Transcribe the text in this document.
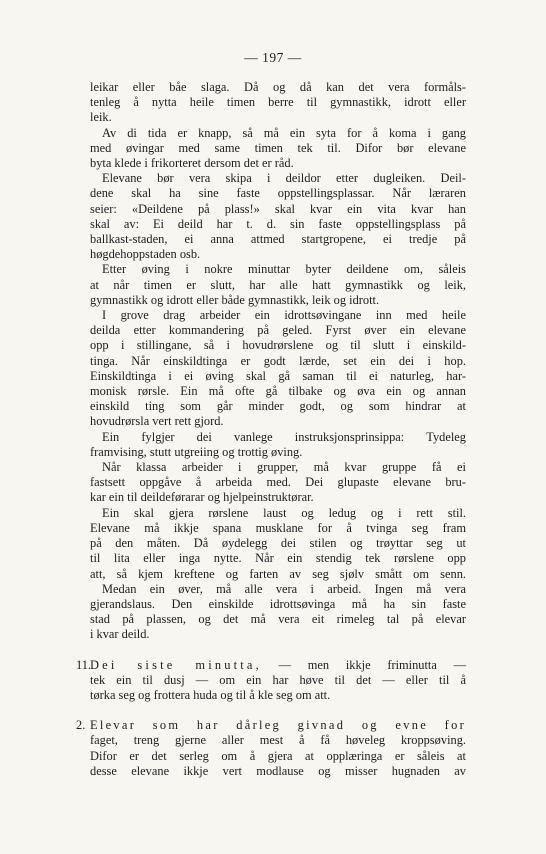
— 197 —
leikar eller båe slaga. Då og då kan det vera formåls-
tenleg å nytta heile timen berre til gymnastikk, idrott eller
leik.
Av di tida er knapp, så må ein syta for å koma i gang
med øvingar med same timen tek til. Difor bør elevane
byta klede i frikorteret dersom det er råd.
Elevane bør vera skipa i deildor etter dugleiken. Deil-
dene skal ha sine faste oppstellingsplassar. Når læraren
seier: «Deildene på plass!» skal kvar ein vita kvar han
skal av: Ei deild har t. d. sin faste oppstellingsplass på
ballkast-staden, ei anna attmed startgropene, ei tredje på
høgdehoppstaden osb.
Etter øving i nokre minuttar byter deildene om, såleis
at når timen er slutt, har alle hatt gymnastikk og leik,
gymnastikk og idrott eller både gymnastikk, leik og idrott.
I grove drag arbeider ein idrottsøvingane inn med heile
deilda etter kommandering på geled. Fyrst øver ein elevane
opp i stillingane, så i hovudrørslene og til slutt i einskild-
tinga. Når einskildtinga er godt lærde, set ein dei i hop.
Einskildtinga i ei øving skal gå saman til ei naturleg, har-
monisk rørsle. Ein må ofte gå tilbake og øva ein og annan
einskild ting som går minder godt, og som hindrar at
hovudrørsla vert rett gjord.
Ein fylgjer dei vanlege instruksjonsprinsippa: Tydeleg
framvising, stutt utgreiing og trottig øving.
Når klassa arbeider i grupper, må kvar gruppe få ei
fastsett oppgåve å arbeida med. Dei glupaste elevane bru-
kar ein til deildeførarar og hjelpeinstruktørar.
Ein skal gjera rørslene laust og ledug og i rett stil.
Elevane må ikkje spana musklane for å tvinga seg fram
på den måten. Då øydelegg dei stilen og trøyttar seg ut
til lita eller inga nytte. Når ein stendig tek rørslene opp
att, så kjem kreftene og farten av seg sjølv smått om senn.
Medan ein øver, må alle vera i arbeid. Ingen må vera
gjerandslaus. Den einskilde idrottsøvinga må ha sin faste
stad på plassen, og det må vera eit rimeleg tal på elevar
i kvar deild.
11.
Dei siste minutta, — men ikkje friminutta —
tek ein til dusj — om ein har høve til det — eller til å
tørka seg og frottera huda og til å kle seg om att.
2. Elevar som har dårleg givnad og evne for
faget, treng gjerne aller mest å få høveleg kroppsøving.
Difor er det serleg om å gjera at opplæringa er såleis at
desse elevane ikkje vert modlause og misser hugnaden av
